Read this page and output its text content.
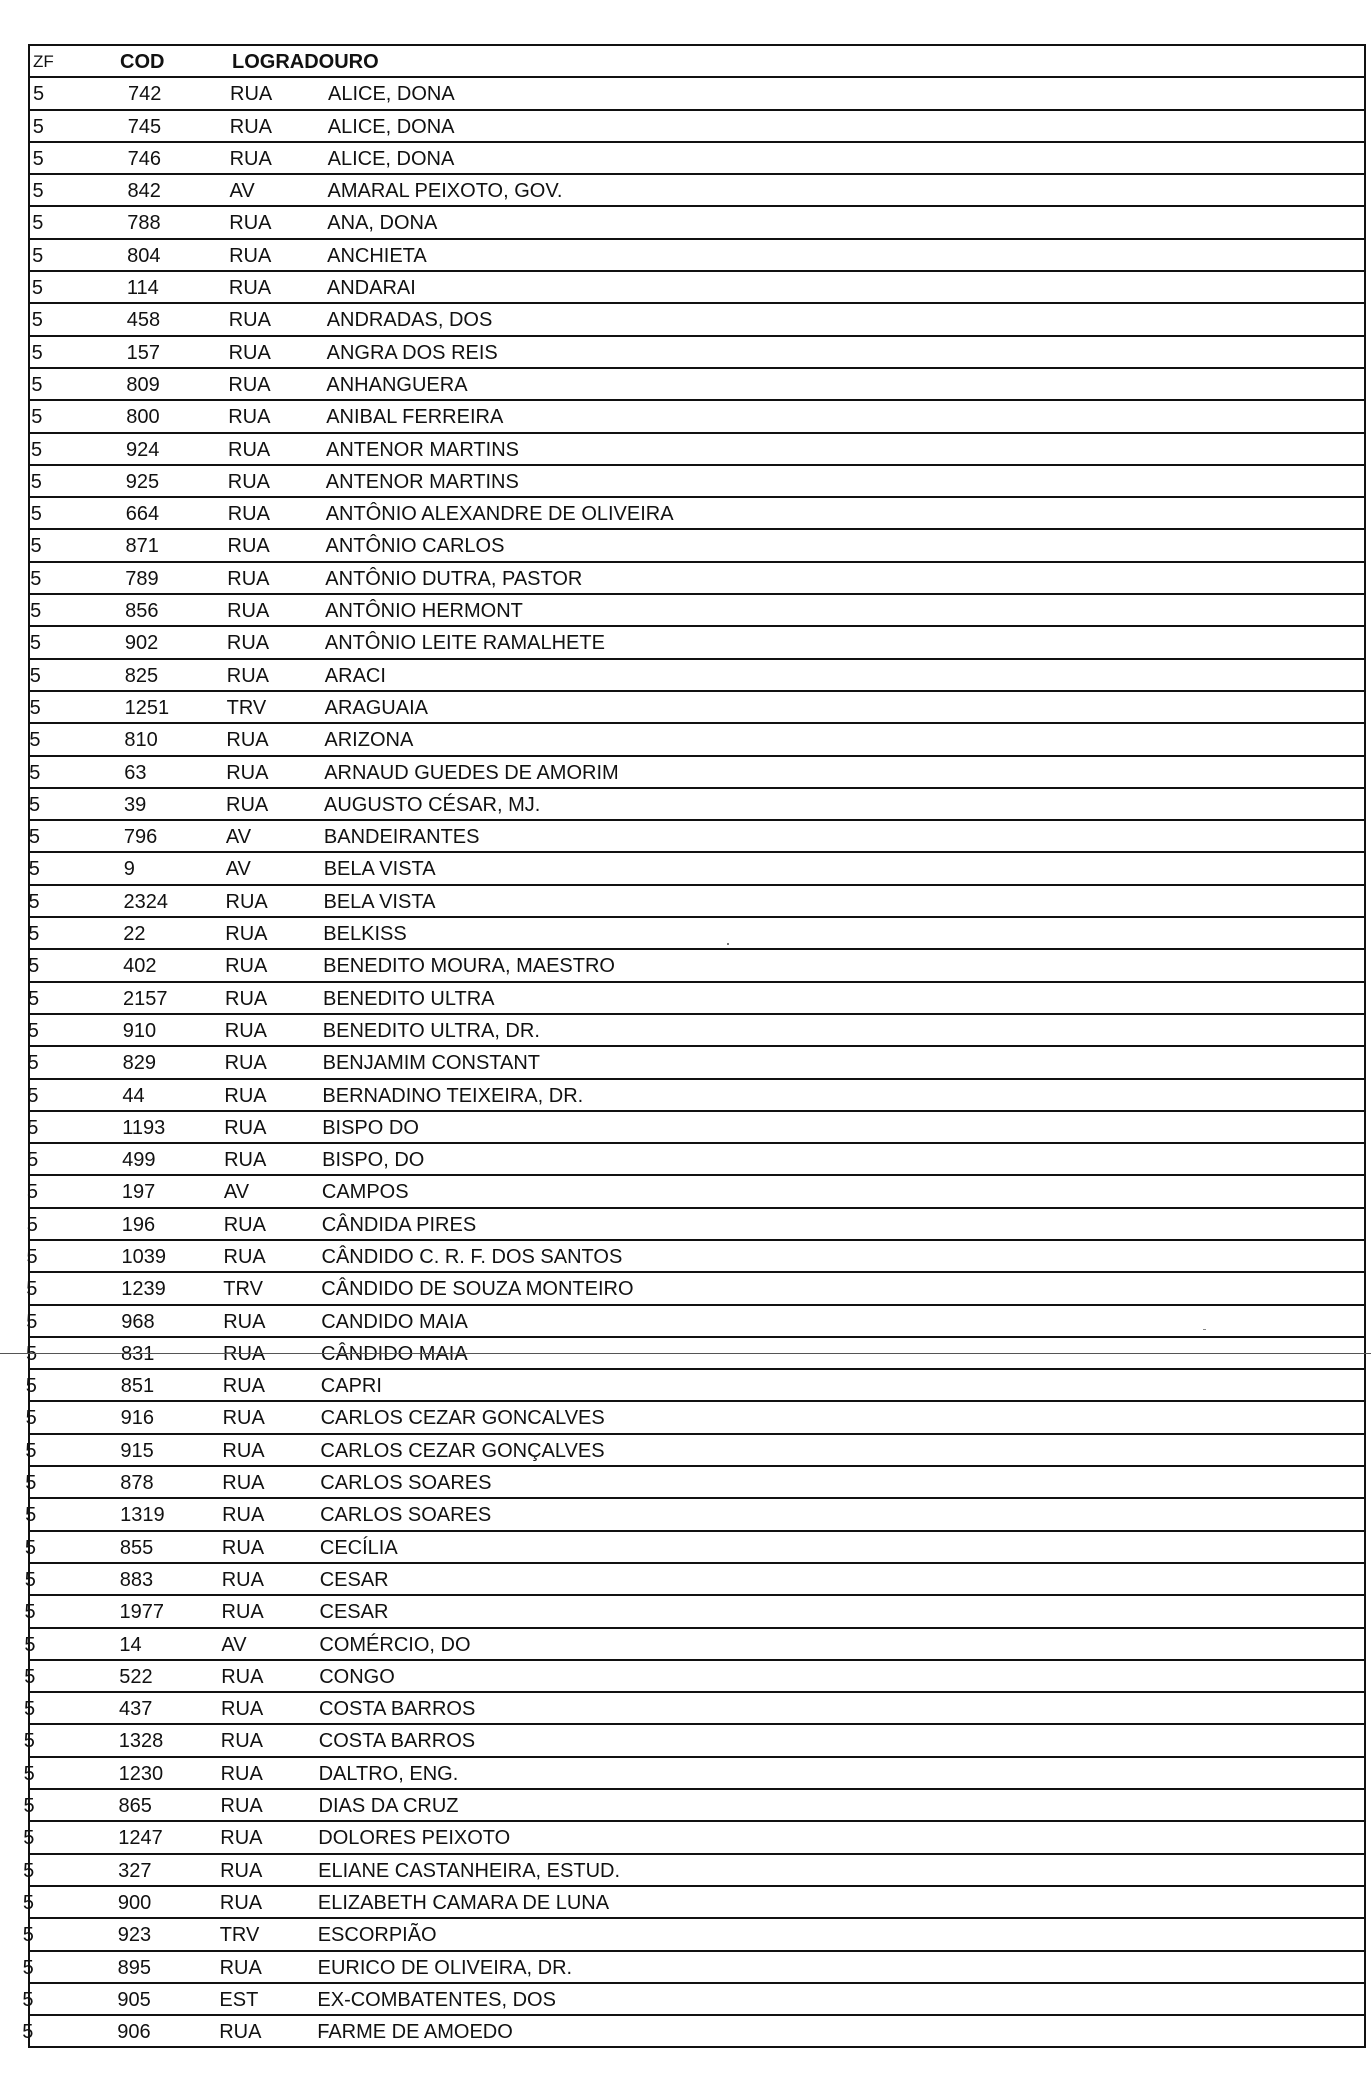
ZF	COD	LOGRADOURO
5	742	RUA	ALICE, DONA
5	745	RUA	ALICE, DONA
5	746	RUA	ALICE, DONA
5	842	AV	AMARAL PEIXOTO, GOV.
5	788	RUA	ANA, DONA
5	804	RUA	ANCHIETA
5	114	RUA	ANDARAI
5	458	RUA	ANDRADAS, DOS
5	157	RUA	ANGRA DOS REIS
5	809	RUA	ANHANGUERA
5	800	RUA	ANIBAL FERREIRA
5	924	RUA	ANTENOR MARTINS
5	925	RUA	ANTENOR MARTINS
5	664	RUA	ANTÔNIO ALEXANDRE DE OLIVEIRA
5	871	RUA	ANTÔNIO CARLOS
5	789	RUA	ANTÔNIO DUTRA, PASTOR
5	856	RUA	ANTÔNIO HERMONT
5	902	RUA	ANTÔNIO LEITE RAMALHETE
5	825	RUA	ARACI
5	1251	TRV	ARAGUAIA
5	810	RUA	ARIZONA
5	63	RUA	ARNAUD GUEDES DE AMORIM
5	39	RUA	AUGUSTO CÉSAR, MJ.
5	796	AV	BANDEIRANTES
5	9	AV	BELA VISTA
5	2324	RUA	BELA VISTA
5	22	RUA	BELKISS
5	402	RUA	BENEDITO MOURA, MAESTRO
5	2157	RUA	BENEDITO ULTRA
5	910	RUA	BENEDITO ULTRA, DR.
5	829	RUA	BENJAMIM CONSTANT
5	44	RUA	BERNADINO TEIXEIRA, DR.
5	1193	RUA	BISPO DO
5	499	RUA	BISPO, DO
5	197	AV	CAMPOS
5	196	RUA	CÂNDIDA PIRES
5	1039	RUA	CÂNDIDO C. R. F. DOS SANTOS
5	1239	TRV	CÂNDIDO DE SOUZA MONTEIRO
5	968	RUA	CANDIDO MAIA
5	831	RUA	CÂNDIDO MAIA
5	851	RUA	CAPRI
5	916	RUA	CARLOS CEZAR GONCALVES
5	915	RUA	CARLOS CEZAR GONÇALVES
5	878	RUA	CARLOS SOARES
5	1319	RUA	CARLOS SOARES
5	855	RUA	CECÍLIA
5	883	RUA	CESAR
5	1977	RUA	CESAR
5	14	AV	COMÉRCIO, DO
5	522	RUA	CONGO
5	437	RUA	COSTA BARROS
5	1328	RUA	COSTA BARROS
5	1230	RUA	DALTRO, ENG.
5	865	RUA	DIAS DA CRUZ
5	1247	RUA	DOLORES PEIXOTO
5	327	RUA	ELIANE CASTANHEIRA, ESTUD.
5	900	RUA	ELIZABETH CAMARA DE LUNA
5	923	TRV	ESCORPIÃO
5	895	RUA	EURICO DE OLIVEIRA, DR.
5	905	EST	EX-COMBATENTES, DOS
5	906	RUA	FARME DE AMOEDO
